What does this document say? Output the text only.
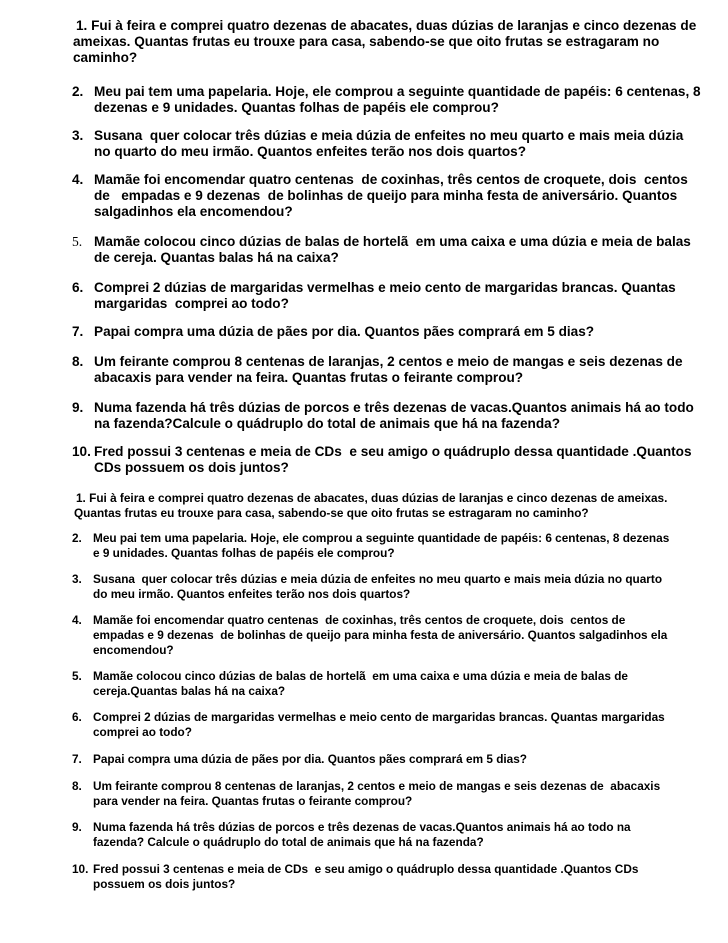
1. Fui à feira e comprei quatro dezenas de abacates, duas dúzias de laranjas e cinco dezenas de
ameixas. Quantas frutas eu trouxe para casa, sabendo-se que oito frutas se estragaram no
caminho?
2. Meu pai tem uma papelaria. Hoje, ele comprou a seguinte quantidade de papéis: 6 centenas, 8
dezenas e 9 unidades. Quantas folhas de papéis ele comprou?
3. Susana  quer colocar três dúzias e meia dúzia de enfeites no meu quarto e mais meia dúzia
no quarto do meu irmão. Quantos enfeites terão nos dois quartos?
4. Mamãe foi encomendar quatro centenas  de coxinhas, três centos de croquete, dois  centos
de   empadas e 9 dezenas  de bolinhas de queijo para minha festa de aniversário. Quantos
salgadinhos ela encomendou?
5. Mamãe colocou cinco dúzias de balas de hortelã  em uma caixa e uma dúzia e meia de balas
de cereja. Quantas balas há na caixa?
6. Comprei 2 dúzias de margaridas vermelhas e meio cento de margaridas brancas. Quantas
margaridas  comprei ao todo?
7. Papai compra uma dúzia de pães por dia. Quantos pães comprará em 5 dias?
8. Um feirante comprou 8 centenas de laranjas, 2 centos e meio de mangas e seis dezenas de
abacaxis para vender na feira. Quantas frutas o feirante comprou?
9. Numa fazenda há três dúzias de porcos e três dezenas de vacas.Quantos animais há ao todo
na fazenda?Calcule o quádruplo do total de animais que há na fazenda?
10. Fred possui 3 centenas e meia de CDs  e seu amigo o quádruplo dessa quantidade .Quantos
CDs possuem os dois juntos?
1. Fui à feira e comprei quatro dezenas de abacates, duas dúzias de laranjas e cinco dezenas de ameixas.
Quantas frutas eu trouxe para casa, sabendo-se que oito frutas se estragaram no caminho?
2. Meu pai tem uma papelaria. Hoje, ele comprou a seguinte quantidade de papéis: 6 centenas, 8 dezenas
e 9 unidades. Quantas folhas de papéis ele comprou?
3. Susana  quer colocar três dúzias e meia dúzia de enfeites no meu quarto e mais meia dúzia no quarto
do meu irmão. Quantos enfeites terão nos dois quartos?
4. Mamãe foi encomendar quatro centenas  de coxinhas, três centos de croquete, dois  centos de
empadas e 9 dezenas  de bolinhas de queijo para minha festa de aniversário. Quantos salgadinhos ela
encomendou?
5. Mamãe colocou cinco dúzias de balas de hortelã  em uma caixa e uma dúzia e meia de balas de
cereja.Quantas balas há na caixa?
6. Comprei 2 dúzias de margaridas vermelhas e meio cento de margaridas brancas. Quantas margaridas
comprei ao todo?
7. Papai compra uma dúzia de pães por dia. Quantos pães comprará em 5 dias?
8. Um feirante comprou 8 centenas de laranjas, 2 centos e meio de mangas e seis dezenas de  abacaxis
para vender na feira. Quantas frutas o feirante comprou?
9. Numa fazenda há três dúzias de porcos e três dezenas de vacas.Quantos animais há ao todo na
fazenda? Calcule o quádruplo do total de animais que há na fazenda?
10. Fred possui 3 centenas e meia de CDs  e seu amigo o quádruplo dessa quantidade .Quantos CDs
possuem os dois juntos?
